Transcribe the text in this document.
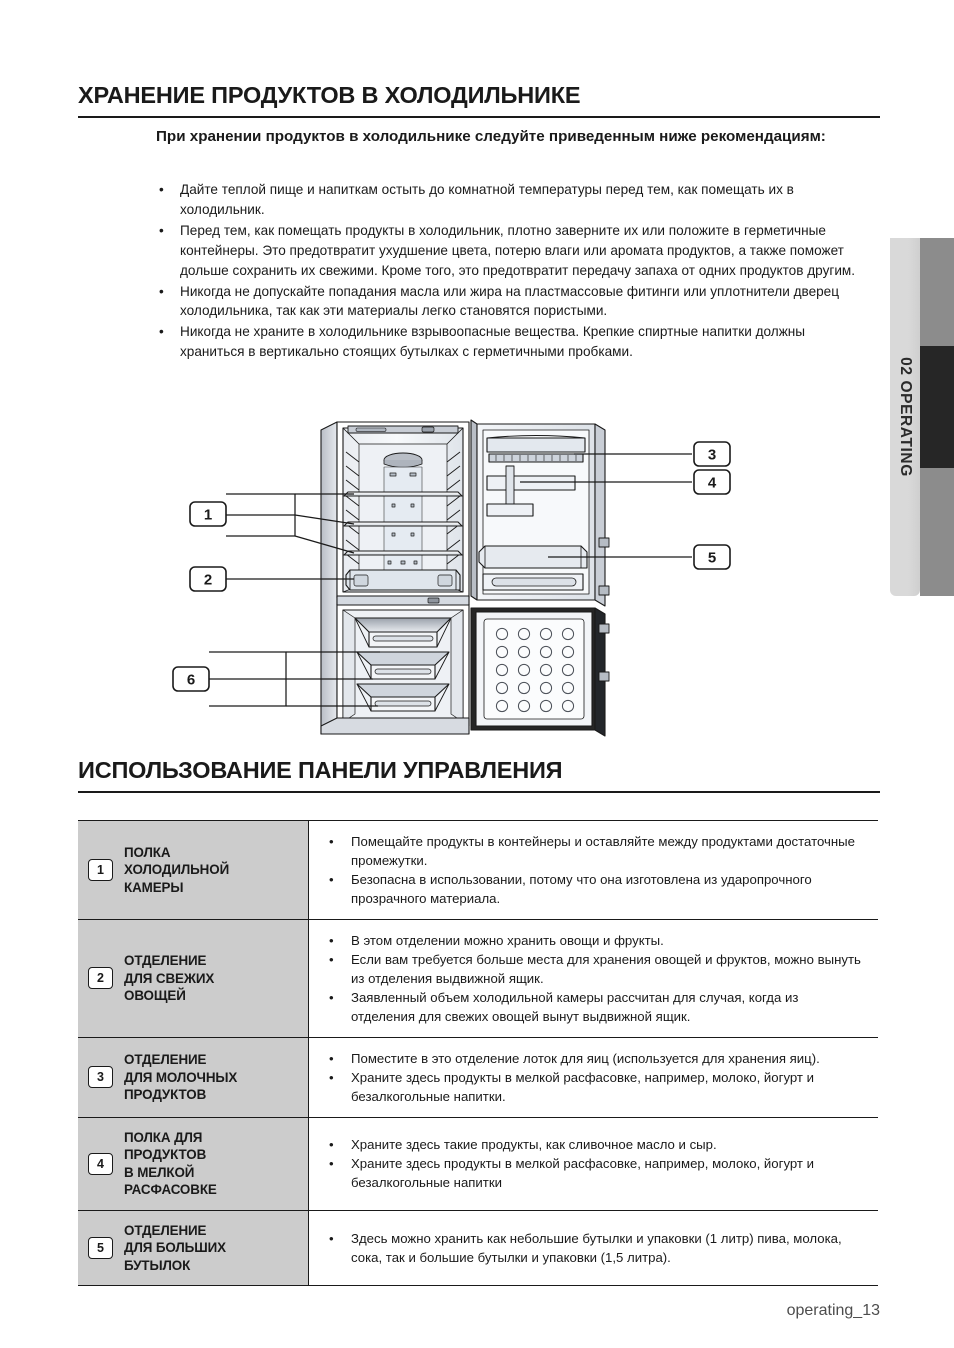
02 OPERATING
ХРАНЕНИЕ ПРОДУКТОВ В ХОЛОДИЛЬНИКЕ
При хранении продуктов в холодильнике следуйте приведенным ниже рекомендациям:
• Дайте теплой пище и напиткам остыть до комнатной температуры перед тем, как помещать их в холодильник.
• Перед тем, как помещать продукты в холодильник, плотно заверните их или положите в герметичные контейнеры. Это предотвратит ухудшение цвета, потерю влаги или аромата продуктов, а также поможет дольше сохранить их свежими. Кроме того, это предотвратит передачу запаха от одних продуктов другим.
• Никогда не допускайте попадания масла или жира на пластмассовые фитинги или уплотнители дверец холодильника, так как эти материалы легко становятся пористыми.
• Никогда не храните в холодильнике взрывоопасные вещества. Крепкие спиртные напитки должны храниться в вертикально стоящих бутылках с герметичными пробками.
1
2
3
4
5
6
ИСПОЛЬЗОВАНИЕ ПАНЕЛИ УПРАВЛЕНИЯ
1
ПОЛКА
ХОЛОДИЛЬНОЙ
КАМЕРЫ

• Помещайте продукты в контейнеры и оставляйте между продуктами достаточные промежутки.
• Безопасна в использовании, потому что она изготовлена из ударопрочного прозрачного материала.

2
ОТДЕЛЕНИЕ
ДЛЯ СВЕЖИХ
ОВОЩЕЙ

• В этом отделении можно хранить овощи и фрукты.
• Если вам требуется больше места для хранения овощей и фруктов, можно вынуть из отделения выдвижной ящик.
• Заявленный объем холодильной камеры рассчитан для случая, когда из отделения для свежих овощей вынут выдвижной ящик.

3
ОТДЕЛЕНИЕ
ДЛЯ МОЛОЧНЫХ
ПРОДУКТОВ

• Поместите в это отделение лоток для яиц (используется для хранения яиц).
• Храните здесь продукты в мелкой расфасовке, например, молоко, йогурт и безалкогольные напитки.

4
ПОЛКА ДЛЯ
ПРОДУКТОВ
В МЕЛКОЙ
РАСФАСОВКЕ

• Храните здесь такие продукты, как сливочное масло и сыр.
• Храните здесь продукты в мелкой расфасовке, например, молоко, йогурт и безалкогольные напитки

5
ОТДЕЛЕНИЕ
ДЛЯ БОЛЬШИХ
БУТЫЛОК

• Здесь можно хранить как небольшие бутылки и упаковки (1 литр) пива, молока, сока, так и большие бутылки и упаковки (1,5 литра).
operating_13
